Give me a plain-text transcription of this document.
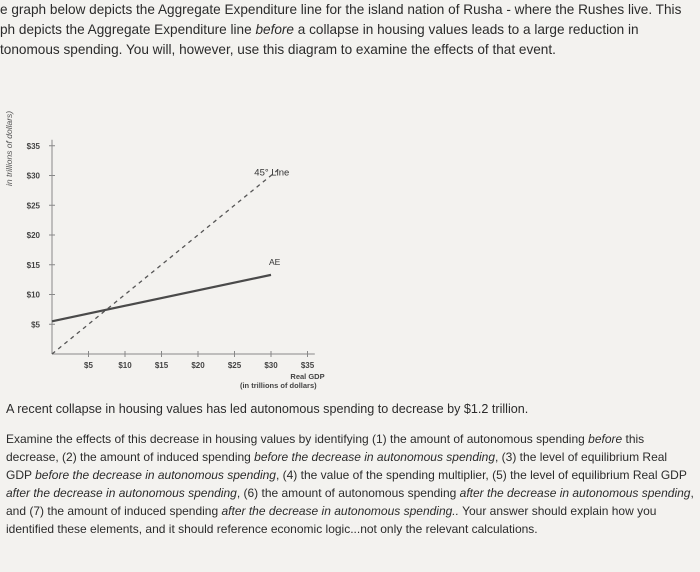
e graph below depicts the Aggregate Expenditure line for the island nation of Rusha - where the Rushes live. This
ph depicts the Aggregate Expenditure line before a collapse in housing values leads to a large reduction in
tonomous spending. You will, however, use this diagram to examine the effects of that event.
$35
$30
$25
$20
$15
$10
$5
$5	$10	$15	$20	$25	$30	$35
45° Line
AE
Real GDP
(in trillions of dollars)
in trillions of dollars)
A recent collapse in housing values has led autonomous spending to decrease by $1.2 trillion.
Examine the effects of this decrease in housing values by identifying (1) the amount of autonomous spending before this decrease, (2) the amount of induced spending before the decrease in autonomous spending, (3) the level of equilibrium Real GDP before the decrease in autonomous spending, (4) the value of the spending multiplier, (5) the level of equilibrium Real GDP after the decrease in autonomous spending, (6) the amount of autonomous spending after the decrease in autonomous spending, and (7) the amount of induced spending after the decrease in autonomous spending.. Your answer should explain how you identified these elements, and it should reference economic logic...not only the relevant calculations.
